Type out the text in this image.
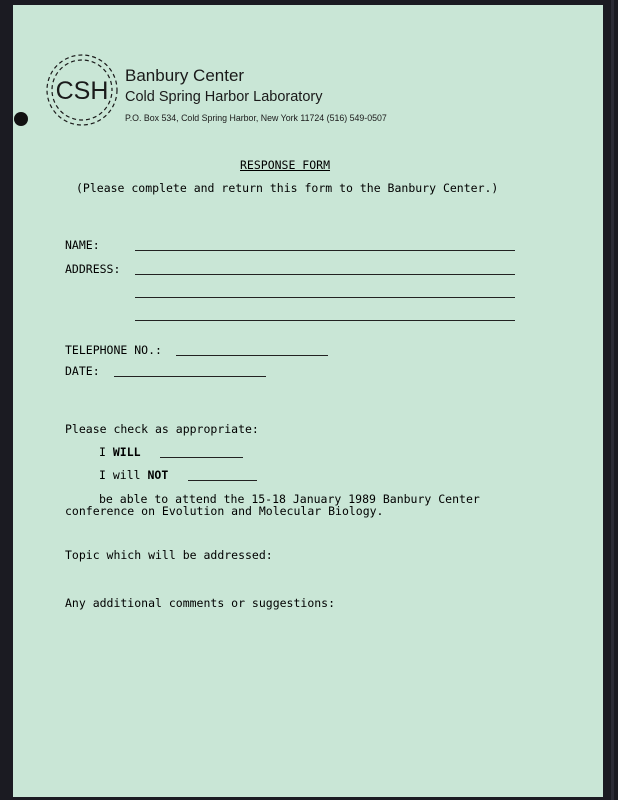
CSH
Banbury Center
Cold Spring Harbor Laboratory
P.O. Box 534, Cold Spring Harbor, New York 11724 (516) 549-0507
RESPONSE FORM
(Please complete and return this form to the Banbury Center.)
NAME:
ADDRESS:
TELEPHONE NO.:
DATE:
Please check as appropriate:
I WILL
I will NOT
be able to attend the 15-18 January 1989 Banbury Center
conference on Evolution and Molecular Biology.
Topic which will be addressed:
Any additional comments or suggestions:
